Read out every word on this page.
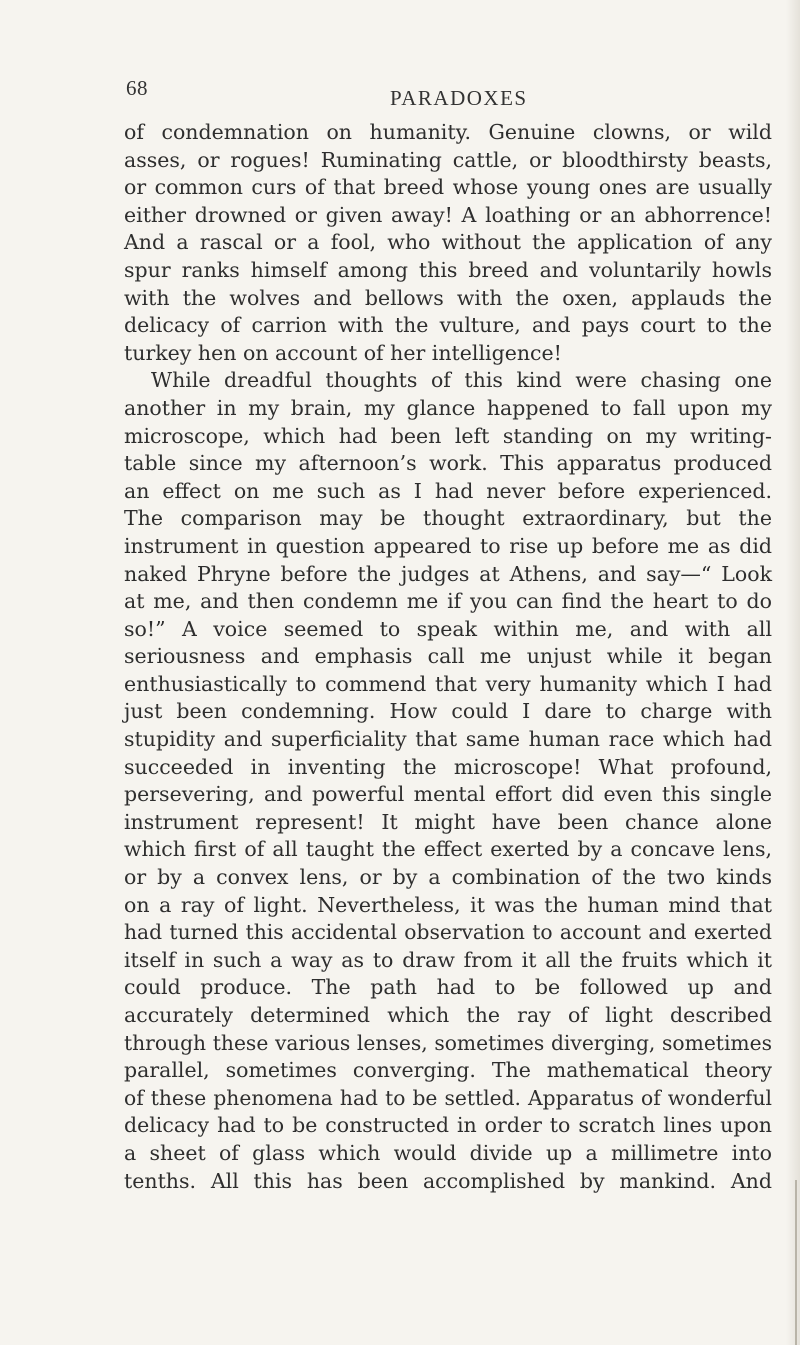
68	PARADOXES
of condemnation on humanity. Genuine clowns, or wild
asses, or rogues! Ruminating cattle, or bloodthirsty beasts,
or common curs of that breed whose young ones are usually
either drowned or given away! A loathing or an abhorrence!
And a rascal or a fool, who without the application of any
spur ranks himself among this breed and voluntarily howls
with the wolves and bellows with the oxen, applauds the
delicacy of carrion with the vulture, and pays court to the
turkey hen on account of her intelligence!
While dreadful thoughts of this kind were chasing one
another in my brain, my glance happened to fall upon my
microscope, which had been left standing on my writing-
table since my afternoon’s work. This apparatus produced
an effect on me such as I had never before experienced.
The comparison may be thought extraordinary, but the
instrument in question appeared to rise up before me as did
naked Phryne before the judges at Athens, and say—“ Look
at me, and then condemn me if you can find the heart to do
so!” A voice seemed to speak within me, and with all
seriousness and emphasis call me unjust while it began
enthusiastically to commend that very humanity which I had
just been condemning. How could I dare to charge with
stupidity and superficiality that same human race which had
succeeded in inventing the microscope! What profound,
persevering, and powerful mental effort did even this single
instrument represent! It might have been chance alone
which first of all taught the effect exerted by a concave lens,
or by a convex lens, or by a combination of the two kinds
on a ray of light. Nevertheless, it was the human mind that
had turned this accidental observation to account and exerted
itself in such a way as to draw from it all the fruits which it
could produce. The path had to be followed up and
accurately determined which the ray of light described
through these various lenses, sometimes diverging, sometimes
parallel, sometimes converging. The mathematical theory
of these phenomena had to be settled. Apparatus of wonderful
delicacy had to be constructed in order to scratch lines upon
a sheet of glass which would divide up a millimetre into
tenths. All this has been accomplished by mankind. And
